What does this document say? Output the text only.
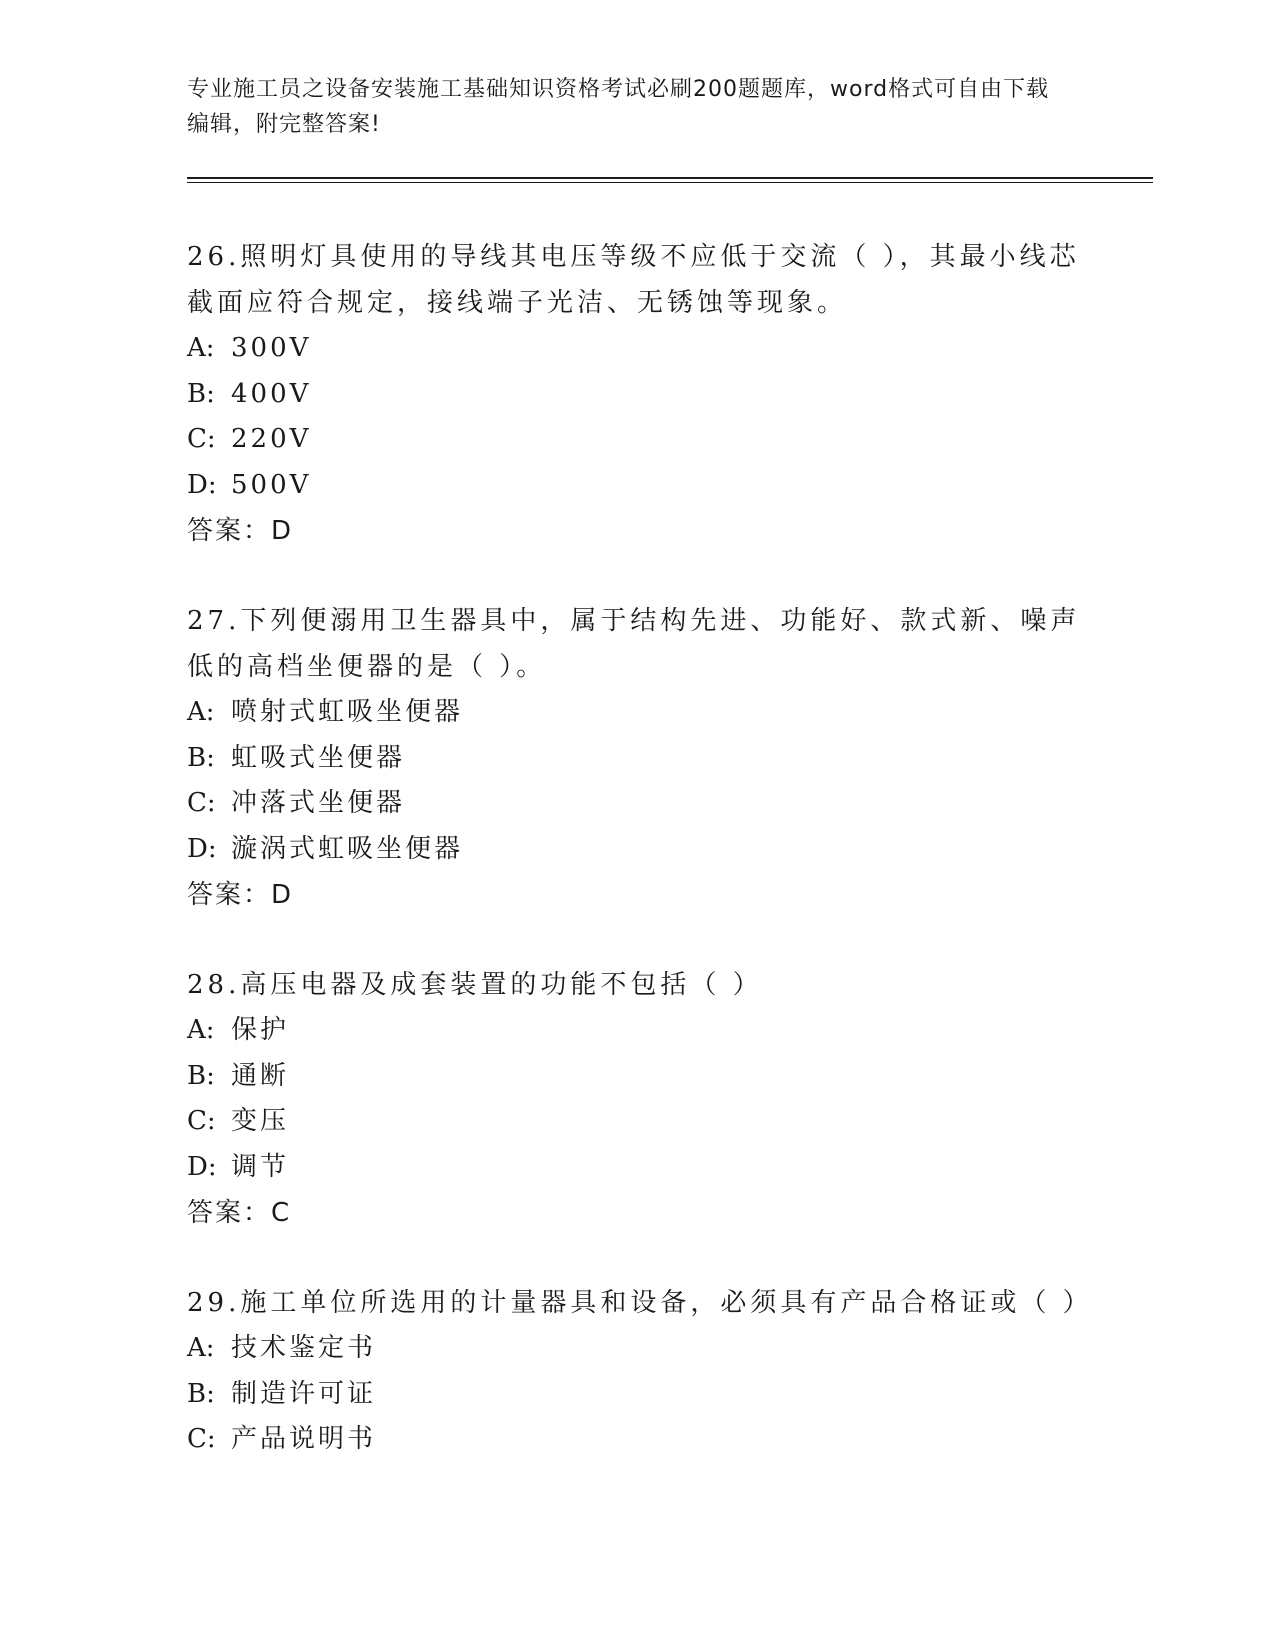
专业施工员之设备安装施工基础知识资格考试必刷200题题库，word格式可自由下载编辑，附完整答案!
26.照明灯具使用的导线其电压等级不应低于交流（ ），其最小线芯截面应符合规定，接线端子光洁、无锈蚀等现象。
A: 300V
B: 400V
C: 220V
D: 500V
答案：D
27.下列便溺用卫生器具中，属于结构先进、功能好、款式新、噪声低的高档坐便器的是（ ）。
A: 喷射式虹吸坐便器
B: 虹吸式坐便器
C: 冲落式坐便器
D: 漩涡式虹吸坐便器
答案：D
28.高压电器及成套装置的功能不包括（ ）
A: 保护
B: 通断
C: 变压
D: 调节
答案：C
29.施工单位所选用的计量器具和设备，必须具有产品合格证或（ ）
A: 技术鉴定书
B: 制造许可证
C: 产品说明书
